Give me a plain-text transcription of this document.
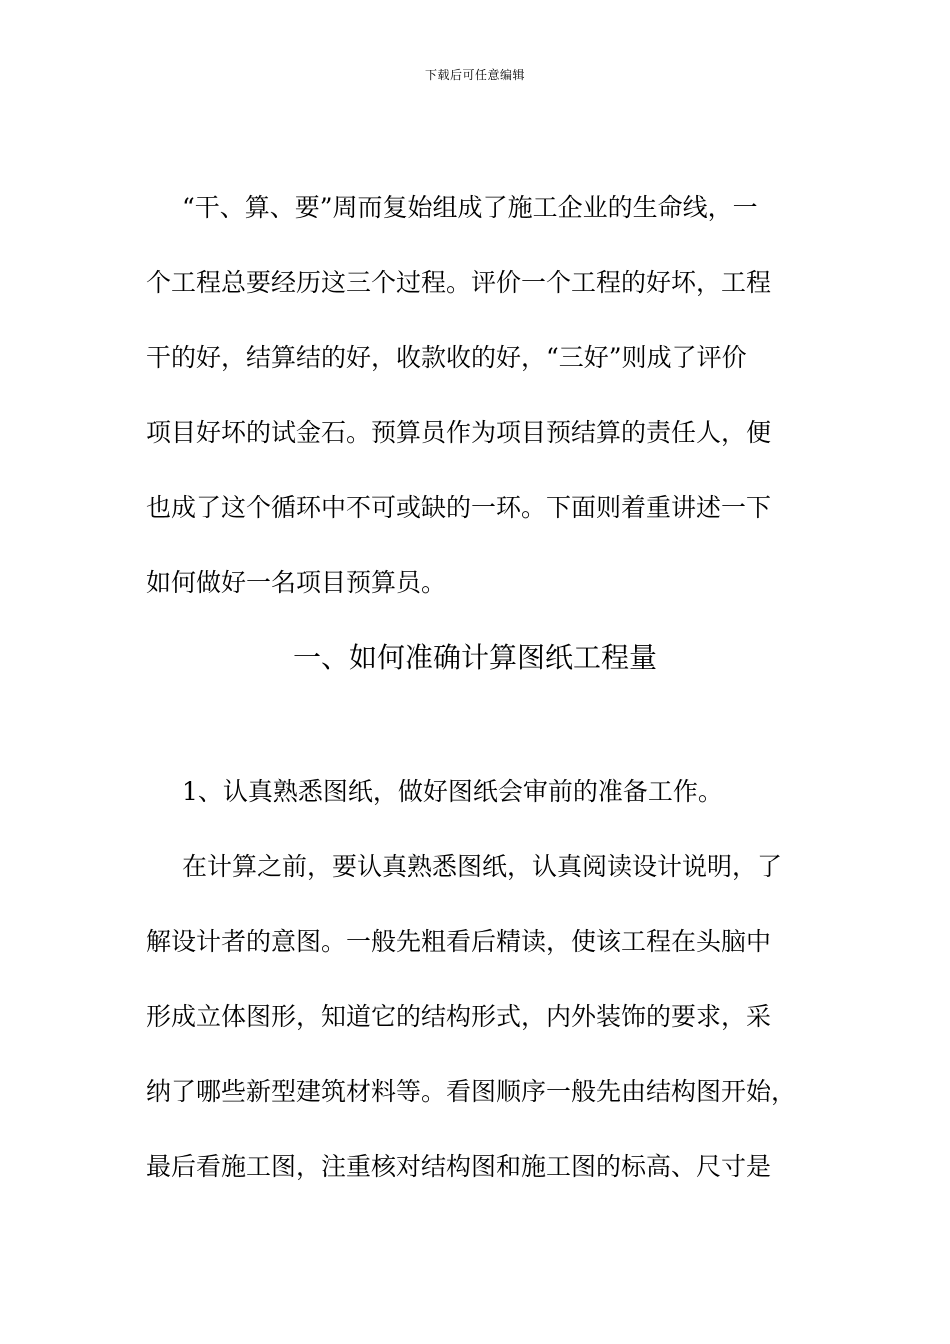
下载后可任意编辑
“干、算、要”周而复始组成了施工企业的生命线，一
个工程总要经历这三个过程。评价一个工程的好坏，工程
干的好，结算结的好，收款收的好，“三好”则成了评价
项目好坏的试金石。预算员作为项目预结算的责任人，便
也成了这个循环中不可或缺的一环。下面则着重讲述一下
如何做好一名项目预算员。
一、如何准确计算图纸工程量
1、认真熟悉图纸，做好图纸会审前的准备工作。
在计算之前，要认真熟悉图纸，认真阅读设计说明，了
解设计者的意图。一般先粗看后精读，使该工程在头脑中
形成立体图形，知道它的结构形式，内外装饰的要求，采
纳了哪些新型建筑材料等。看图顺序一般先由结构图开始，
最后看施工图，注重核对结构图和施工图的标高、尺寸是
